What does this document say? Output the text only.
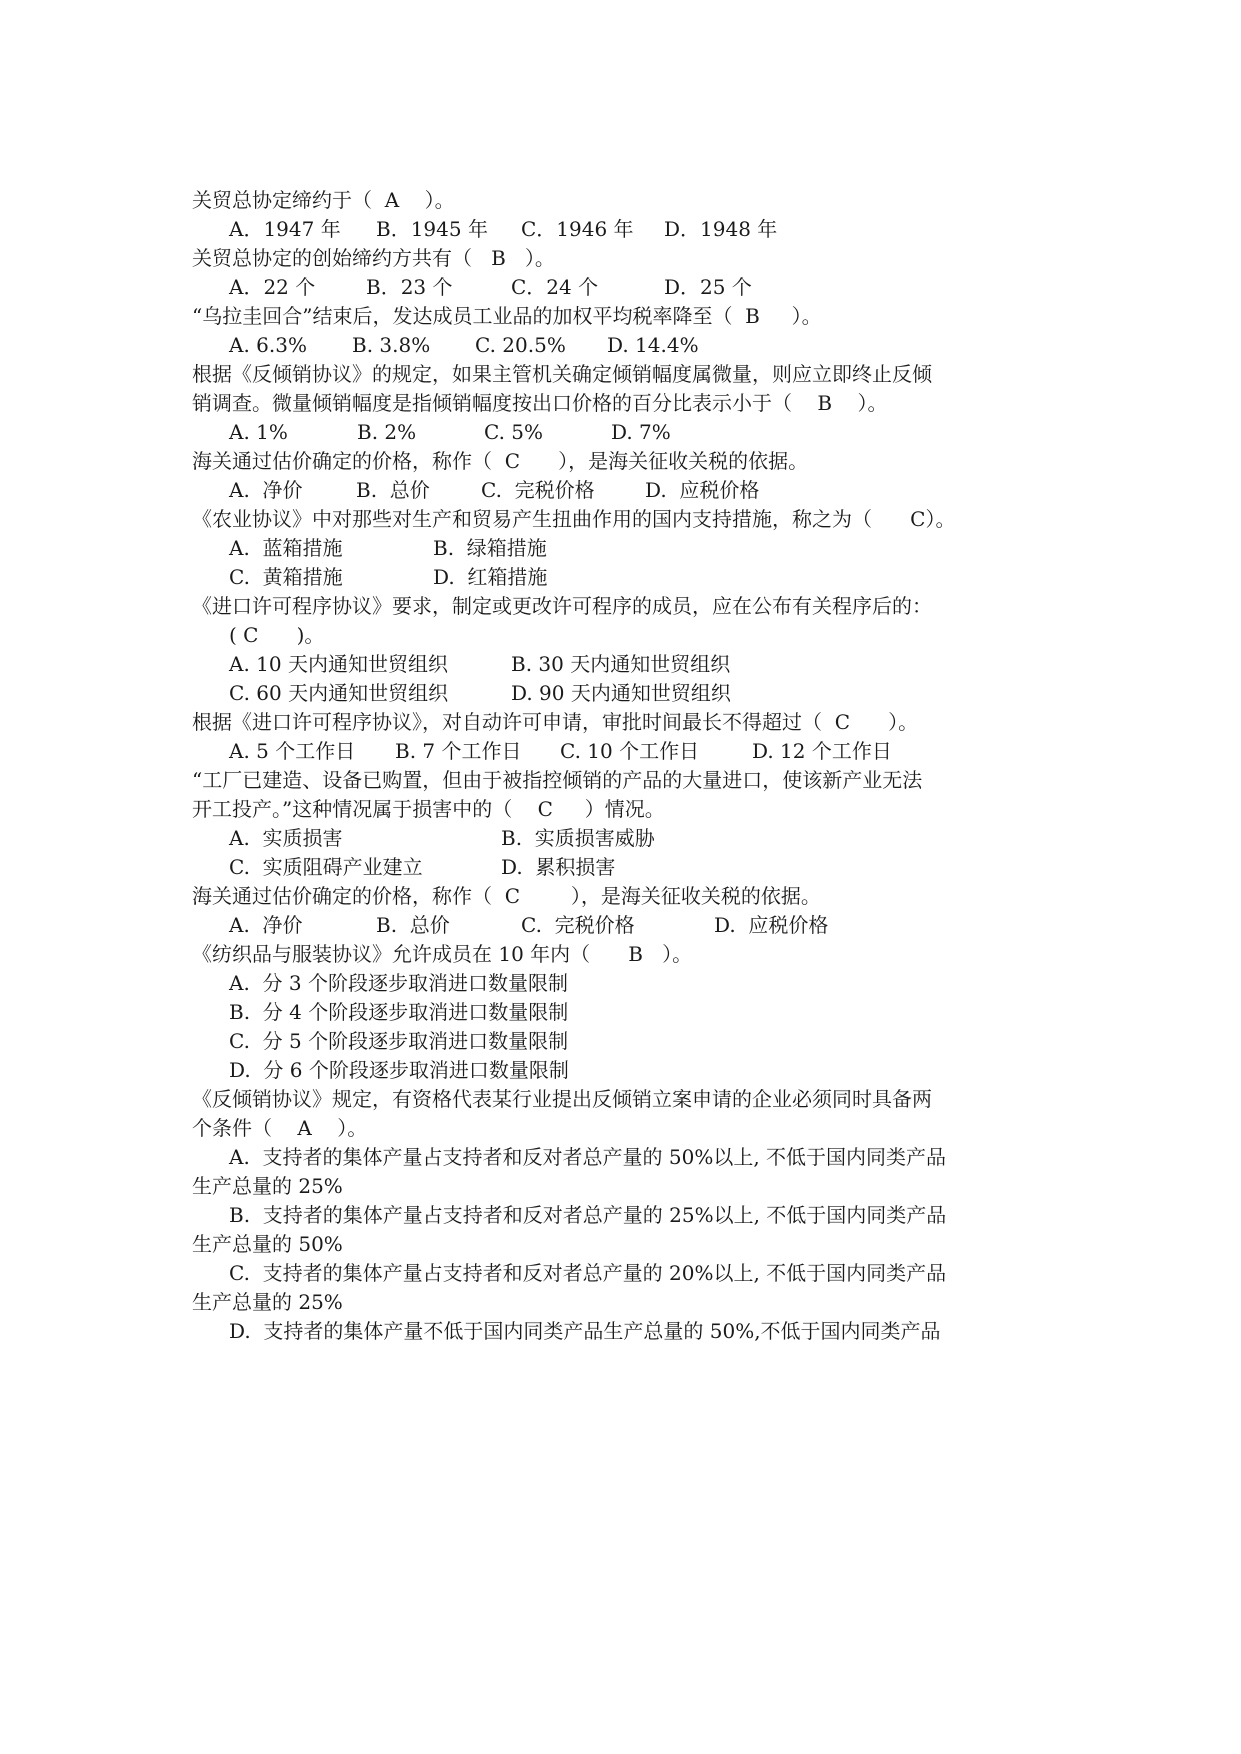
关贸总协定缔约于（  A    ）。
A．1947 年 B．1945 年 C．1946 年 D．1948 年
关贸总协定的创始缔约方共有（   B   ）。
A．22 个	B．23 个	C．24 个	D．25 个
“乌拉圭回合”结束后，发达成员工业品的加权平均税率降至（  B     ）。
A. 6.3% B. 3.8% C. 20.5% D. 14.4%
根据《反倾销协议》的规定，如果主管机关确定倾销幅度属微量，则应立即终止反倾
销调查。微量倾销幅度是指倾销幅度按出口价格的百分比表示小于（    B    ）。
A. 1%	B. 2%	C. 5%	D. 7%
海关通过估价确定的价格，称作（  C      ），是海关征收关税的依据。
A.  净价	B.  总价	C.  完税价格	D.  应税价格
《农业协议》中对那些对生产和贸易产生扭曲作用的国内支持措施，称之为（      C）。
A.  蓝箱措施	B.  绿箱措施
C.  黄箱措施	D.  红箱措施
《进口许可程序协议》要求，制定或更改许可程序的成员，应在公布有关程序后的：
( C      )。
A. 10 天内通知世贸组织	B. 30 天内通知世贸组织
C. 60 天内通知世贸组织	D. 90 天内通知世贸组织
根据《进口许可程序协议》，对自动许可申请，审批时间最长不得超过（  C      ）。
A. 5 个工作日 B. 7 个工作日 C. 10 个工作日	D. 12 个工作日
“工厂已建造、设备已购置，但由于被指控倾销的产品的大量进口，使该新产业无法
开工投产。”这种情况属于损害中的（    C     ）情况。
A.  实质损害	B.  实质损害威胁
C.  实质阻碍产业建立	D.  累积损害
海关通过估价确定的价格，称作（  C        ），是海关征收关税的依据。
A.  净价	B.  总价	C.  完税价格	D.  应税价格
《纺织品与服装协议》允许成员在 10 年内（      B   ）。
A.  分 3 个阶段逐步取消进口数量限制
B.  分 4 个阶段逐步取消进口数量限制
C.  分 5 个阶段逐步取消进口数量限制
D.  分 6 个阶段逐步取消进口数量限制
《反倾销协议》规定，有资格代表某行业提出反倾销立案申请的企业必须同时具备两
个条件（    A    ）。
A.  支持者的集体产量占支持者和反对者总产量的 50%以上, 不低于国内同类产品
生产总量的 25%
B.  支持者的集体产量占支持者和反对者总产量的 25%以上, 不低于国内同类产品
生产总量的 50%
C.  支持者的集体产量占支持者和反对者总产量的 20%以上, 不低于国内同类产品
生产总量的 25%
D.  支持者的集体产量不低于国内同类产品生产总量的 50%,不低于国内同类产品
